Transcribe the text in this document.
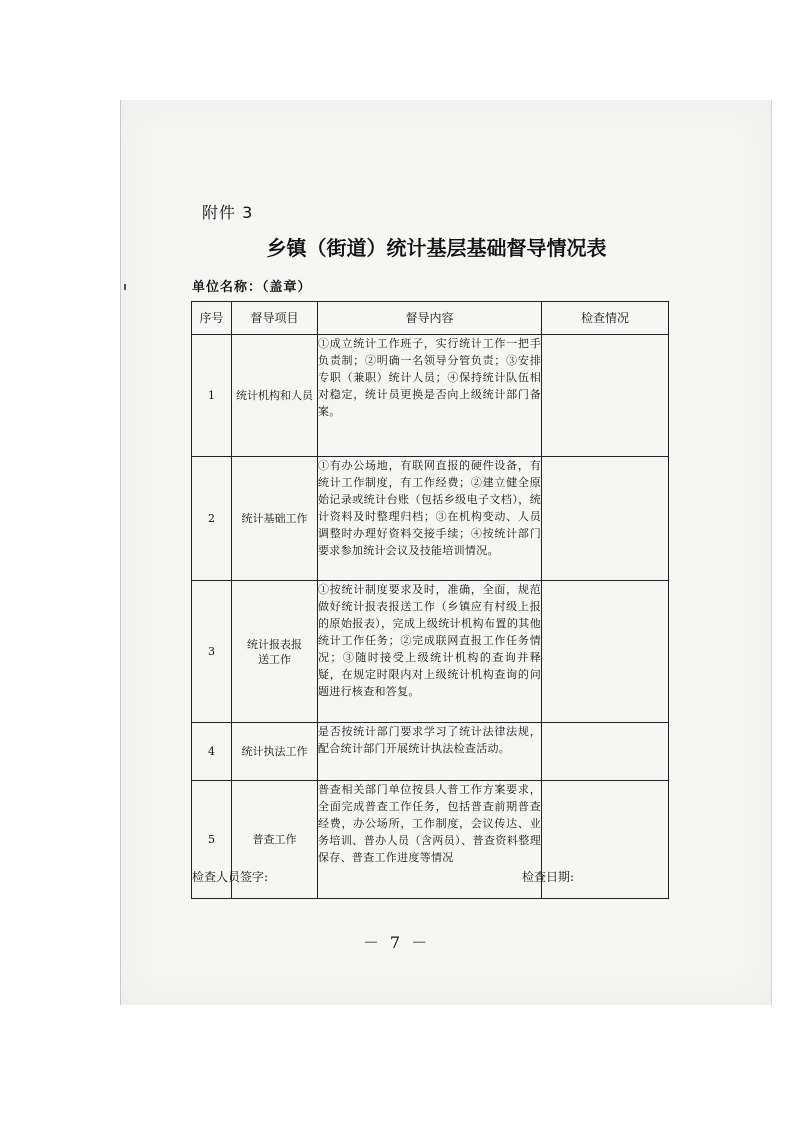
附件 3
乡镇（街道）统计基层基础督导情况表
单位名称：（盖章）
序号	督导项目	督导内容	检查情况
1	统计机构和人员	①成立统计工作班子，实行统计工作一把手负责制；②明确一名领导分管负责；③安排专职（兼职）统计人员；④保持统计队伍相对稳定，统计员更换是否向上级统计部门备案。	
2	统计基础工作	①有办公场地，有联网直报的硬件设备，有统计工作制度，有工作经费；②建立健全原始记录或统计台账（包括乡级电子文档），统计资料及时整理归档；③在机构变动、人员调整时办理好资料交接手续；④按统计部门要求参加统计会议及技能培训情况。	
3	统计报表报送工作	①按统计制度要求及时，准确，全面，规范做好统计报表报送工作（乡镇应有村级上报的原始报表），完成上级统计机构布置的其他统计工作任务；②完成联网直报工作任务情况；③随时接受上级统计机构的查询并释疑，在规定时限内对上级统计机构查询的问题进行核查和答复。	
4	统计执法工作	是否按统计部门要求学习了统计法律法规，配合统计部门开展统计执法检查活动。	
5	普查工作	普查相关部门单位按县人普工作方案要求，全面完成普查工作任务，包括普查前期普查经费，办公场所，工作制度，会议传达、业务培训、普办人员（含两员）、普查资料整理保存、普查工作进度等情况	
检查人员签字:	检查日期:
－ 7 －
